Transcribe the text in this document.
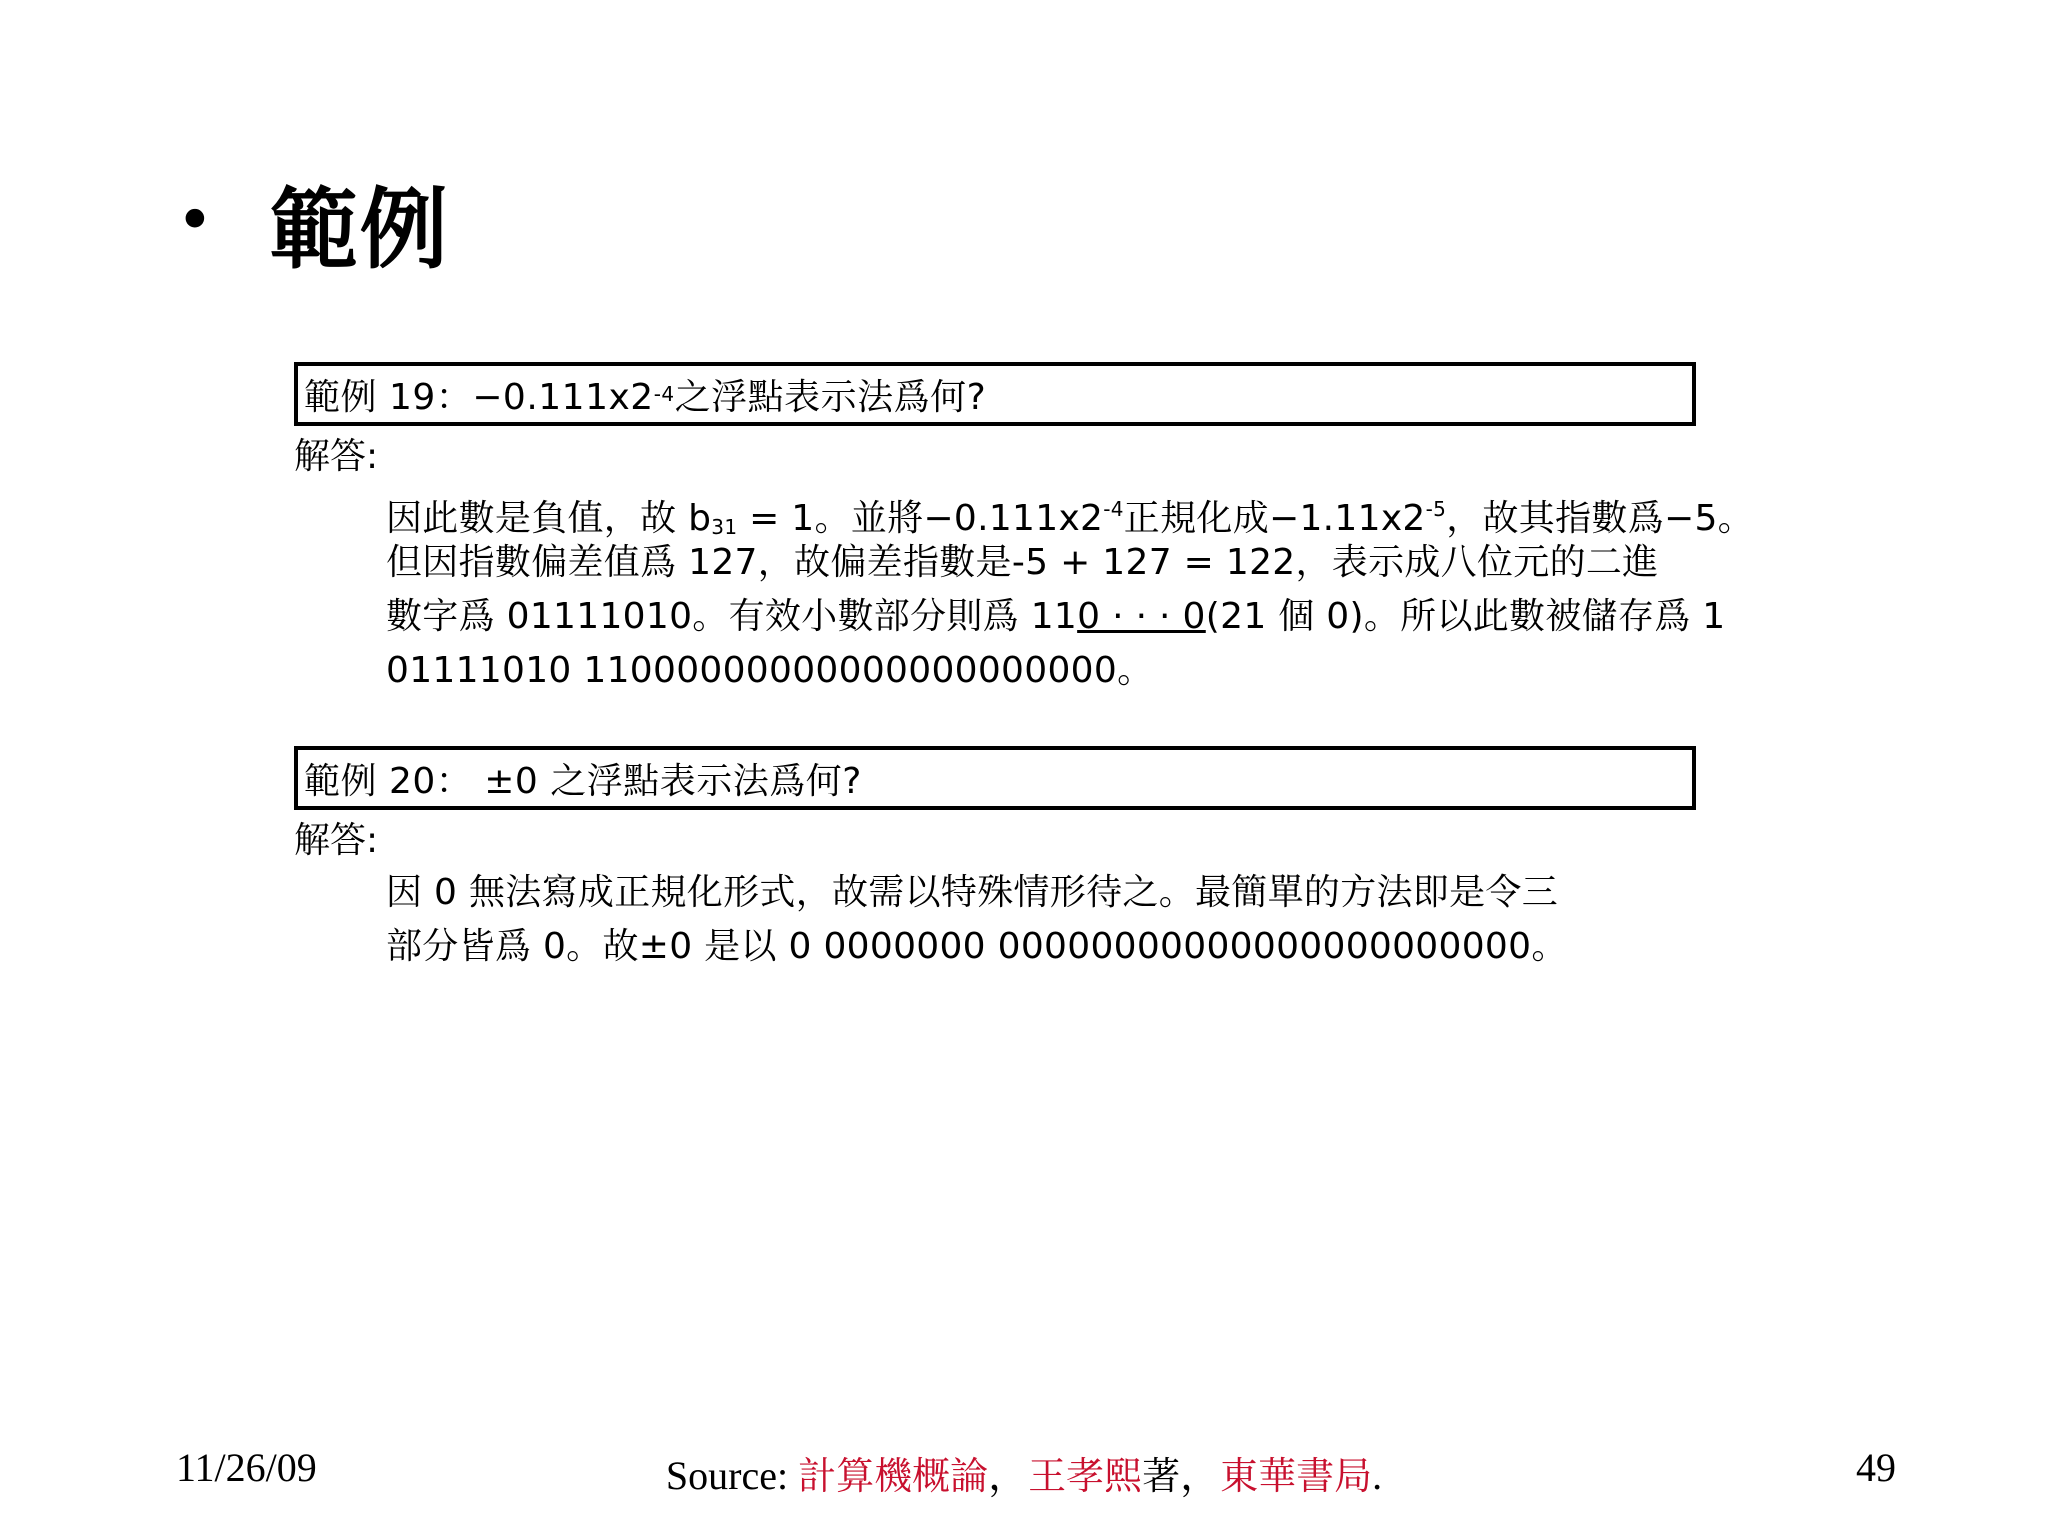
• 範例
範例 19：−0.111x2 -4 之浮點表示法爲何?
解答:
因此數是負值，故 $b_{31} = 1$。並將$-0.111x2^{-4}$正規化成$-1.11x2^{-5}$，故其指數爲−5。
但因指數偏差值爲 127，故偏差指數是-5 + 127 = 122，表示成八位元的二進
數字爲 01111010。有效小數部分則爲 110 · · · 0(21 個 0)。所以此數被儲存爲 1
01111010 11000000000000000000000。
範例 20： ±0 之浮點表示法爲何?
解答:
因 0 無法寫成正規化形式，故需以特殊情形待之。最簡單的方法即是令三
部分皆爲 0。故±0 是以 0 0000000 00000000000000000000000。
11/26/09	Source: 計算機概論，王孝熙著，東華書局.	49
